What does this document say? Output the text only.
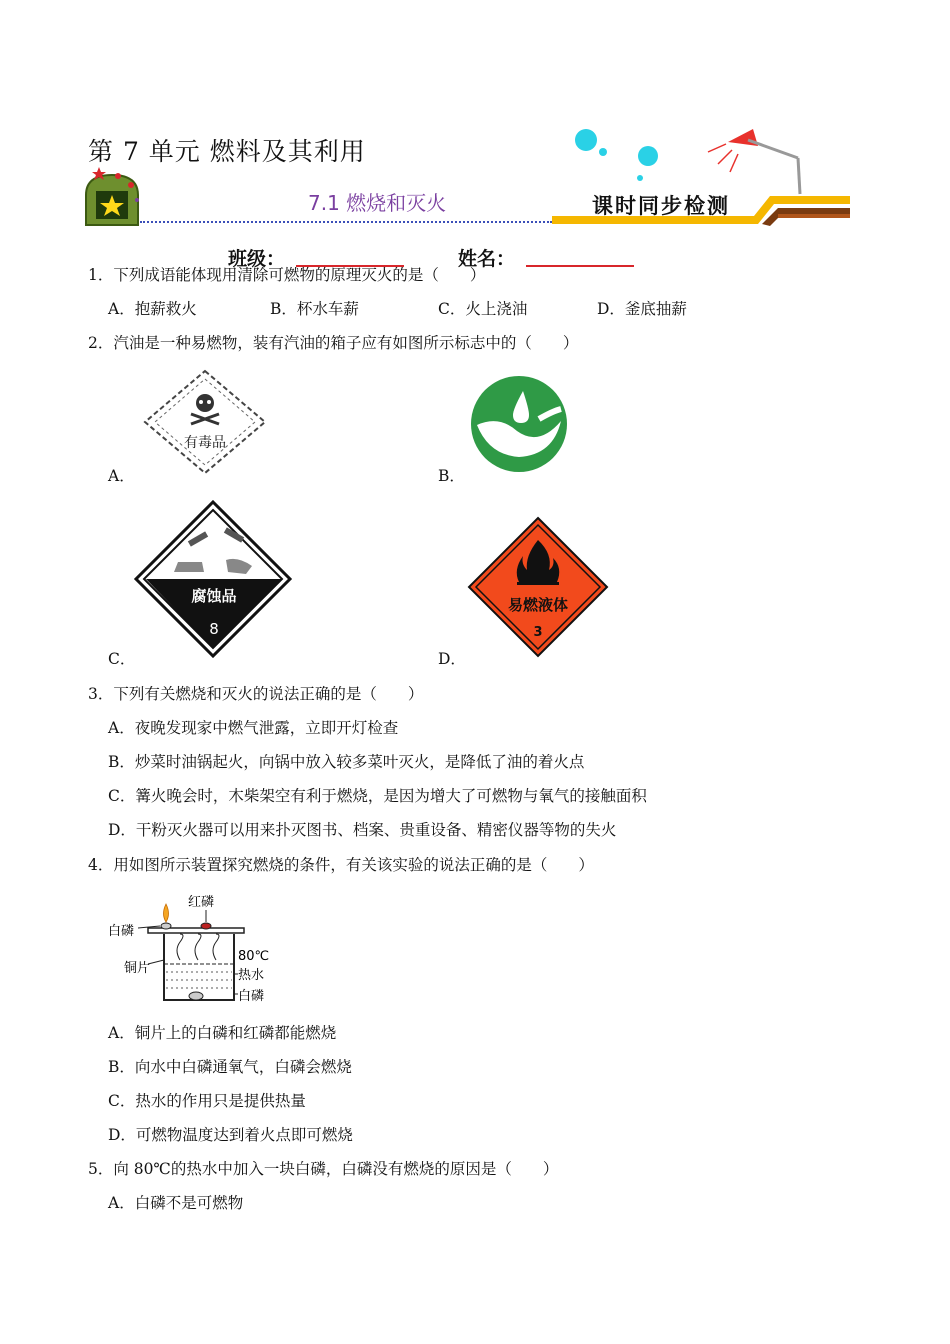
第 7 单元 燃料及其利用
7.1 燃烧和灭火	课时同步检测
班级：	姓名：
1．下列成语能体现用清除可燃物的原理灭火的是（　　）
A．抱薪救火	B．杯水车薪	C．火上浇油	D．釜底抽薪
2．汽油是一种易燃物，装有汽油的箱子应有如图所示标志中的（　　）
有毒品
A．	B．
腐蚀品
8
C．
易燃液体
3
D．
3．下列有关燃烧和灭火的说法正确的是（　　）
A．夜晚发现家中燃气泄露，立即开灯检查
B．炒菜时油锅起火，向锅中放入较多菜叶灭火，是降低了油的着火点
C．篝火晚会时，木柴架空有利于燃烧，是因为增大了可燃物与氧气的接触面积
D．干粉灭火器可以用来扑灭图书、档案、贵重设备、精密仪器等物的失火
4．用如图所示装置探究燃烧的条件，有关该实验的说法正确的是（　　）
红磷
白磷
铜片
80℃
热水
白磷
A．铜片上的白磷和红磷都能燃烧
B．向水中白磷通氧气，白磷会燃烧
C．热水的作用只是提供热量
D．可燃物温度达到着火点即可燃烧
5．向 80℃的热水中加入一块白磷，白磷没有燃烧的原因是（　　）
A．白磷不是可燃物
